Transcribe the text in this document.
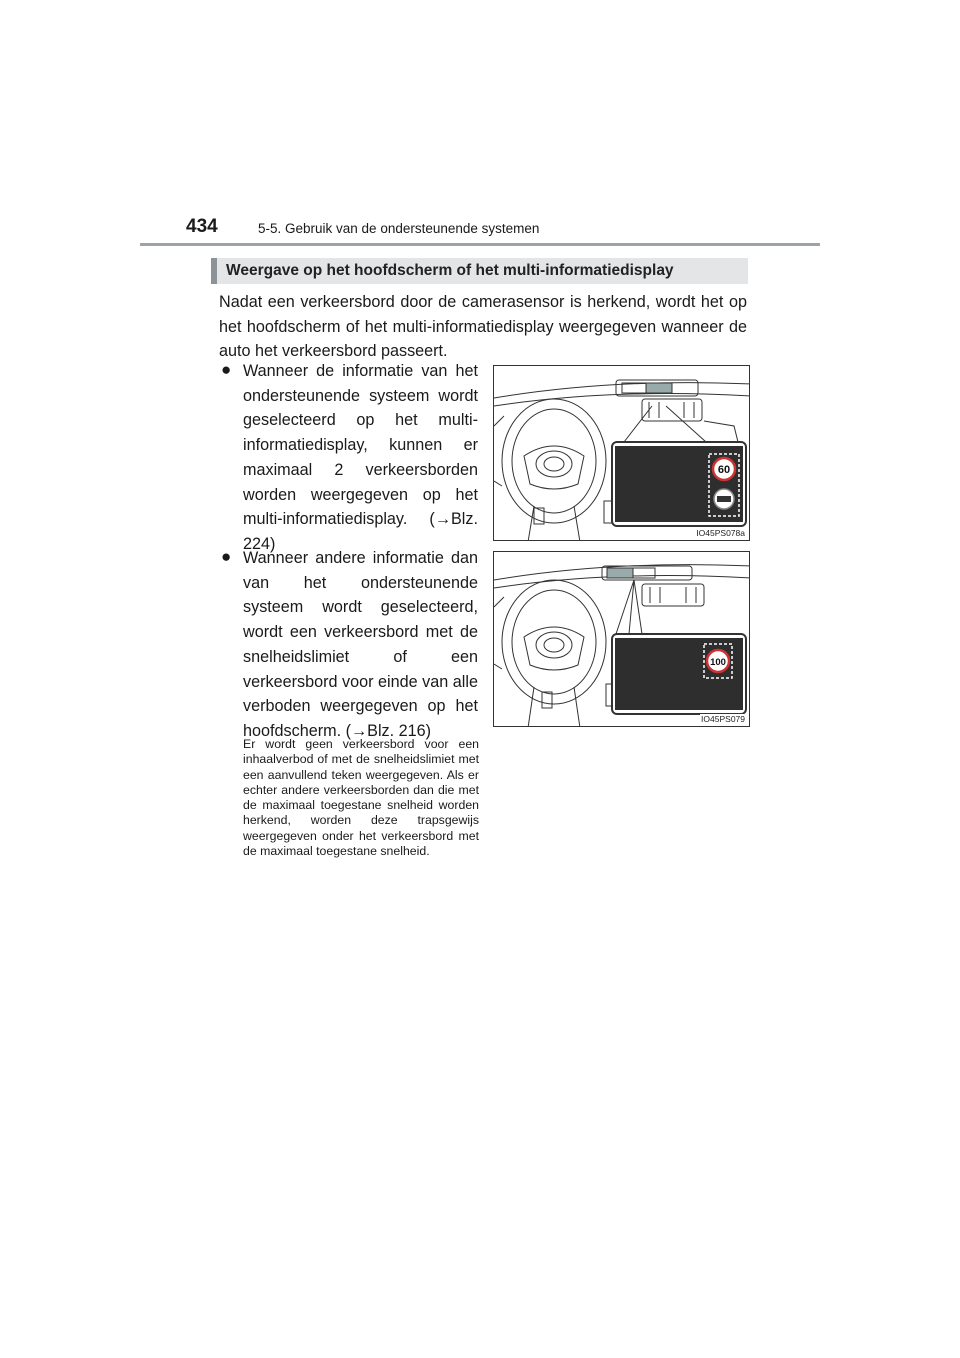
434	5-5. Gebruik van de ondersteunende systemen
Weergave op het hoofdscherm of het multi-informatiedisplay
Nadat een verkeersbord door de camerasensor is herkend, wordt het op het hoofdscherm of het multi-informatiedisplay weergegeven wanneer de auto het verkeersbord passeert.
● Wanneer de informatie van het ondersteunende systeem wordt geselecteerd op het multi-informatiedisplay, kunnen er maximaal 2 verkeersborden worden weergegeven op het multi-informatiedisplay. (→Blz. 224)
● Wanneer andere informatie dan van het ondersteunende systeem wordt geselecteerd, wordt een verkeersbord met de snelheidslimiet of een verkeersbord voor einde van alle verboden weergegeven op het hoofdscherm. (→Blz. 216)
Er wordt geen verkeersbord voor een inhaalverbod of met de snelheidslimiet met een aanvullend teken weergegeven. Als er echter andere verkeersborden dan die met de maximaal toegestane snelheid worden herkend, worden deze trapsgewijs weergegeven onder het verkeersbord met de maximaal toegestane snelheid.
60
IO45PS078a
100
IO45PS079
